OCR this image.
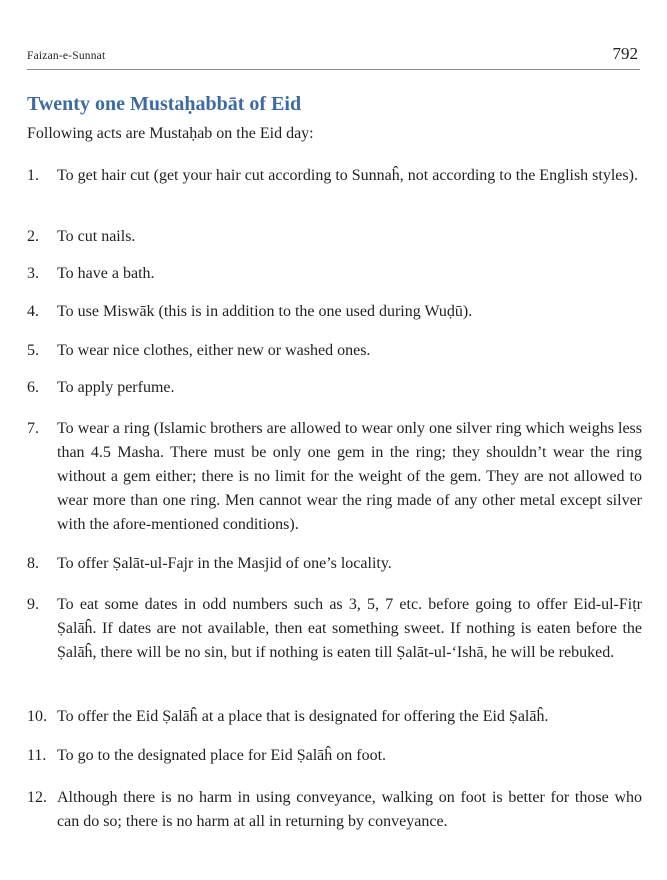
Faizan-e-Sunnat	792
Twenty one Mustaḥabbāt of Eid

Following acts are Mustaḥab on the Eid day:

1. To get hair cut (get your hair cut according to Sunnaĥ, not according to the English styles).
2. To cut nails.
3. To have a bath.
4. To use Miswāk (this is in addition to the one used during Wuḍū).
5. To wear nice clothes, either new or washed ones.
6. To apply perfume.
7. To wear a ring (Islamic brothers are allowed to wear only one silver ring which weighs less than 4.5 Masha. There must be only one gem in the ring; they shouldn’t wear the ring without a gem either; there is no limit for the weight of the gem. They are not allowed to wear more than one ring. Men cannot wear the ring made of any other metal except silver with the afore-mentioned conditions).
8. To offer Ṣalāt-ul-Fajr in the Masjid of one’s locality.
9. To eat some dates in odd numbers such as 3, 5, 7 etc. before going to offer Eid-ul-Fiṭr Ṣalāĥ. If dates are not available, then eat something sweet. If nothing is eaten before the Ṣalāĥ, there will be no sin, but if nothing is eaten till Ṣalāt-ul-‘Ishā, he will be rebuked.
10. To offer the Eid Ṣalāĥ at a place that is designated for offering the Eid Ṣalāĥ.
11. To go to the designated place for Eid Ṣalāĥ on foot.
12. Although there is no harm in using conveyance, walking on foot is better for those who can do so; there is no harm at all in returning by conveyance.
